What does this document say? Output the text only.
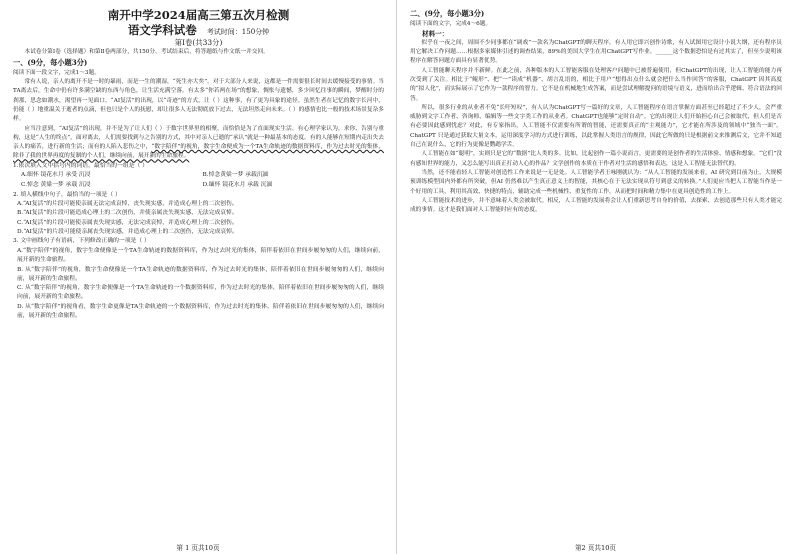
南开中学2024届高三第五次月检测
语文学科试卷 考试时间：150分钟
第Ⅰ卷(共33分)
本试卷分第Ⅰ卷（选择题）和第Ⅱ卷两部分，共150分。考试结束后，将答题纸与作文纸一并交回。
一、(9分，每小题3分)
阅读下面一段文字，完成1～3题。
常有人说，亲人的离开不是一时的暴雨，而是一生的潮湿，“死生亦大矣”。对于大部分人来说，这都是一件需要很长时间去缓慢接受的事情。当TA离去后，生命中仍有许多满空缺的东西与角色，让生活充满空落。有太多“你若两在场”的想象，惆怅与遗憾，多少回忆往事的瞬间，梦醒时分的刹那，思念如潮水，渴望再一见面口。“AI复活”的出现，以“奇迹”的方式，让（ ）这种事，有了更为具象的途径。虽然生者在记忆的数字长河中，仍能（ ）地重温关于逝者的点滴，但也只是个人的抚慰，却让很多人无法彻底放下过去，无法坦然走向未来。（ ）的感情也比一般的技术场景复杂多样。
应当注意到，“AI复活”的出现，并不是为了让人们（ ）于数字世界里的相聚，而恰恰是为了直面现实生活。有心理学家认为，求你、告别与重构，这是“人生的终点”，面对离去，人们需要找到与之告别的方式，其中对亲人已逝的“承认”就是一种最基本的态度。有的人能够在短期内走出失去亲人的痛苦，进行新的生活；而有的人陷入悲伤之中，“数字陪伴”的视角，数字生命便成为一个TA生命轨迹的数据资料库，作为过去时光的集体，除非了我的世界再度的复制的个人们，继续向前，展开新的生命旅程。
1.依次填入文中括号内的词语，最恰当的一组是（ ）
A.细怀 镜花水月 承受 沉浸	B.悼念黄粱一梦 承载沉湎
C.悼念 黄粱一梦 承载 沉浸	D.缅怀 镜花水月 承载 沉湎
2. 填入横线中句子，最恰当的一项是（ ）
A.“AI复活”的片段可能使亲属无法完成哀悼，丧失现实感，并造成心理上的二次创伤。
B.“AI复活”的片段可能造成心理上的二次创伤，并使亲属丧失现实感，无法完成哀悼。
C.“AI复活”的片段可能使亲属丧失现实感，无法完成哀悼，并造成心理上的二次创伤。
D.“AI复活”的片段可能使亲属丧失现实感，并造成心理上的二次创伤，无法完成哀悼。
3. 文中画线句子有语病，下列修改正确的一项是（ ）
A.“数字陪伴”的视角，数字生命便像是一个TA生命轨迹的数据资料库，作为过去时光的集体，陪伴着依旧在世间步履匆匆的人们，继续向前，展开新的生命旅程。
B. 从“数字陪伴”的视角，数字生命便像是一个TA生命轨迹的数据资料库，作为过去时光的集体，陪伴着依旧在世间步履匆匆的人们，继续向前，展开新的生命旅程。
C. 从“数字陪伴”的视角，数字生命便像是一个TA生命轨迹的一个数据资料库，作为过去时光的集体，陪伴着依旧在世间步履匆匆的人们，继续向前，展开新的生命旅程。
D. 从“数字陪伴”的视角看，数字生命更像是TA生命轨迹的一个数据资料库，作为过去时光的集体，陪伴着依旧在世间步履匆匆的人们，继续向前，展开新的生命旅程。
第 1 页共10页
二、(9分，每小题3分)
阅读下面的文字，完成4～6题。
材料一：
似乎在一夜之间，周围不少同事都在“调戏”一款名为ChatGPT的聊天程序，有人用它即兴创作诗歌，有人试图用它设计小说大纲，还有程序员用它解决工作问题……根据多家媒体引述的调查结果，89%的美国大学生在用ChatGPT写作业。______这个数据恐怕是有过其实了，但至少说明该程序在解答问题方面具有显著优势。
人工智能聊天程序并不新鲜。在此之前，各种版本的人工智能客服在处理客户问题中已被普遍使用，但ChatGPT的出现，让人工智能的能力再次受到了关注。相比于“鲲形”、把“一”读成“机器”、胡言乱语的，相比于用户“想得出点什么就会把什么当作回答”的客服，ChatGPT 因其高度的“拟人化”，而实际展示了它作为一款程序的智力。它不是在机械地生成答案，而是尝试理解提问的语境与语义，进而给出合乎逻辑、符合语法的回答。
所以，很多行业的从业者不免“长吁短叹”，有人认为ChatGPT写一篇好的文章，人工智能程序在语言掌握方面甚至已经超过了不少人，会严重威胁到文字工作者、咨询师、编辑等一些文字类工作的从业者。ChatGPT也能够“定时自动”。它的出现让人们开始担心自己会被取代，但人们是否有必要因此感到忧虑？对此，有专家指出，人工智能不仅需要有所谓的智能，还需要真正的“主观能力”，它才能在所涉及的领域中“独当一面”。ChatGPT 只是通过获取大量文本，运用深度学习的方式进行训练，以此掌握人类语言的规律，因此它所做的只是根据前文来推测后文，它并不知道自己在说什么，它的行为更像是鹦鹉学舌。
人工智能在如“聪明”，实则只是它的“数据”比人类的多。比如，比起创作一篇小说而言，更需要的是创作者的生活体验、情感和想象。“它们”没有感知世界的能力，又怎么能写出真正打动人心的作品？文学创作的本质在于作者对生活的感悟和表达，这是人工智能无法替代的。
当然，还不能看轻人工智能对创造性工作来说是一无是处。人工智能学者王咏刚就认为：“从人工智能的发展来看，AI 研究到目前为止，大规模预训练模型国内外都有所突破，但AI 仍然难以产生真正意义上的智能，其核心在于无法实现从符号到意义的转换。”人们更应当把人工智能当作是一个好用的工具，利用其高效、快捷的特点，辅助完成一些机械性、重复性的工作，从而把时间和精力集中在更具创造性的工作上。
人工智能技术的进步，并不意味着人类会被取代。相反，人工智能的发展将会让人们重新思考自身的价值，去探索、去创造那些只有人类才能完成的事情。这才是我们面对人工智能时应有的态度。
第2 页共10页
